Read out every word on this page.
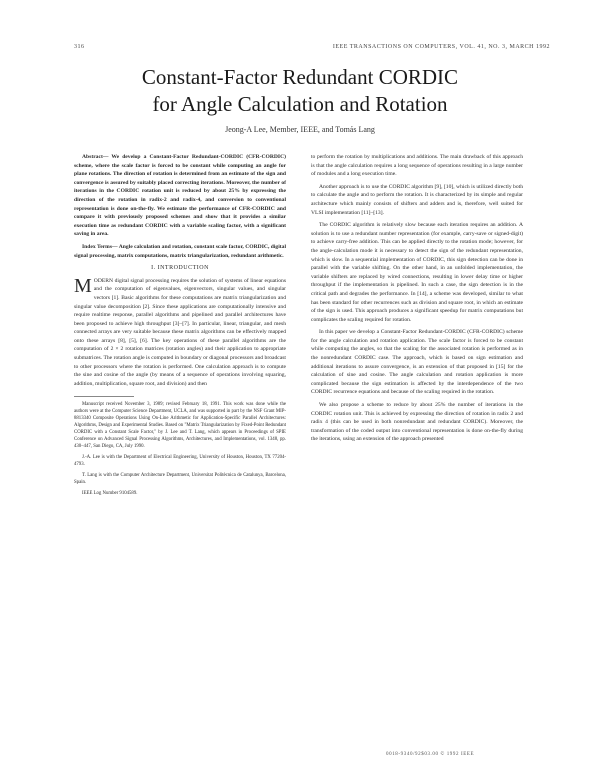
316	IEEE TRANSACTIONS ON COMPUTERS, VOL. 41, NO. 3, MARCH 1992
Constant-Factor Redundant CORDIC
for Angle Calculation and Rotation
Jeong-A Lee, Member, IEEE, and Tomás Lang

Abstract— We develop a Constant-Factor Redundant-CORDIC (CFR-CORDIC) scheme, where the scale factor is forced to be constant while computing an angle for plane rotations. The direction of rotation is determined from an estimate of the sign and convergence is assured by suitably placed correcting iterations. Moreover, the number of iterations in the CORDIC rotation unit is reduced by about 25% by expressing the direction of the rotation in radix-2 and radix-4, and conversion to conventional representation is done on-the-fly. We estimate the performance of CFR-CORDIC and compare it with previously proposed schemes and show that it provides a similar execution time as redundant CORDIC with a variable scaling factor, with a significant saving in area.

Index Terms— Angle calculation and rotation, constant scale factor, CORDIC, digital signal processing, matrix computations, matrix triangularization, redundant arithmetic.

I. INTRODUCTION

MODERN digital signal processing requires the solution of systems of linear equations and the computation of eigenvalues, eigenvectors, singular values, and singular vectors [1]. Basic algorithms for these computations are matrix triangularization and singular value decomposition [2]. Since these applications are computationally intensive and require realtime response, parallel algorithms and pipelined and parallel architectures have been proposed to achieve high throughput [3]–[7]. In particular, linear, triangular, and mesh connected arrays are very suitable because these matrix algorithms can be effectively mapped onto these arrays [8], [5], [6]. The key operations of these parallel algorithms are the computation of 2 × 2 rotation matrices (rotation angles) and their application to appropriate submatrices. The rotation angle is computed in boundary or diagonal processors and broadcast to other processors where the rotation is performed. One calculation approach is to compute the sine and cosine of the angle (by means of a sequence of operations involving squaring, addition, multiplication, square root, and division) and then

Manuscript received November 3, 1989; revised February 18, 1991. This work was done while the authors were at the Computer Science Department, UCLA, and was supported in part by the NSF Grant MIP-8813340 Composite Operations Using On-Line Arithmetic for Application-Specific Parallel Architectures: Algorithms, Design and Experimental Studies. Based on "Matrix Triangularization by Fixed-Point Redundant CORDIC with a Constant Scale Factor," by J. Lee and T. Lang, which appears in Proceedings of SPIE Conference on Advanced Signal Processing Algorithms, Architectures, and Implementations, vol. 1348, pp. 430–447, San Diego, CA, July 1990.

J.-A. Lee is with the Department of Electrical Engineering, University of Houston, Houston, TX 77204-4793.

T. Lang is with the Computer Architecture Department, Universitat Politècnica de Catalunya, Barcelona, Spain.

IEEE Log Number 9104589.

to perform the rotation by multiplications and additions. The main drawback of this approach is that the angle calculation requires a long sequence of operations resulting in a large number of modules and a long execution time.

Another approach is to use the CORDIC algorithm [9], [10], which is utilized directly both to calculate the angle and to perform the rotation. It is characterized by its simple and regular architecture which mainly consists of shifters and adders and is, therefore, well suited for VLSI implementation [11]–[13].

The CORDIC algorithm is relatively slow because each iteration requires an addition. A solution is to use a redundant number representation (for example, carry-save or signed-digit) to achieve carry-free addition. This can be applied directly to the rotation mode; however, for the angle-calculation mode it is necessary to detect the sign of the redundant representation, which is slow. In a sequential implementation of CORDIC, this sign detection can be done in parallel with the variable shifting. On the other hand, in an unfolded implementation, the variable shifters are replaced by wired connections, resulting in lower delay time or higher throughput if the implementation is pipelined. In such a case, the sign detection is in the critical path and degrades the performance. In [14], a scheme was developed, similar to what has been standard for other recurrences such as division and square root, in which an estimate of the sign is used. This approach produces a significant speedup for matrix computations but complicates the scaling required for rotation.

In this paper we develop a Constant-Factor Redundant-CORDIC (CFR-CORDIC) scheme for the angle calculation and rotation application. The scale factor is forced to be constant while computing the angles, so that the scaling for the associated rotation is performed as in the nonredundant CORDIC case. The approach, which is based on sign estimation and additional iterations to assure convergence, is an extension of that proposed in [15] for the calculation of sine and cosine. The angle calculation and rotation application is more complicated because the sign estimation is affected by the interdependence of the two CORDIC recurrence equations and because of the scaling required in the rotation.

We also propose a scheme to reduce by about 25% the number of iterations in the CORDIC rotation unit. This is achieved by expressing the direction of rotation in radix 2 and radix 4 (this can be used in both nonredundant and redundant CORDIC). Moreover, the transformation of the coded output into conventional representation is done on-the-fly during the iterations, using an extension of the approach presented

0018-9340/92$03.00 © 1992 IEEE
